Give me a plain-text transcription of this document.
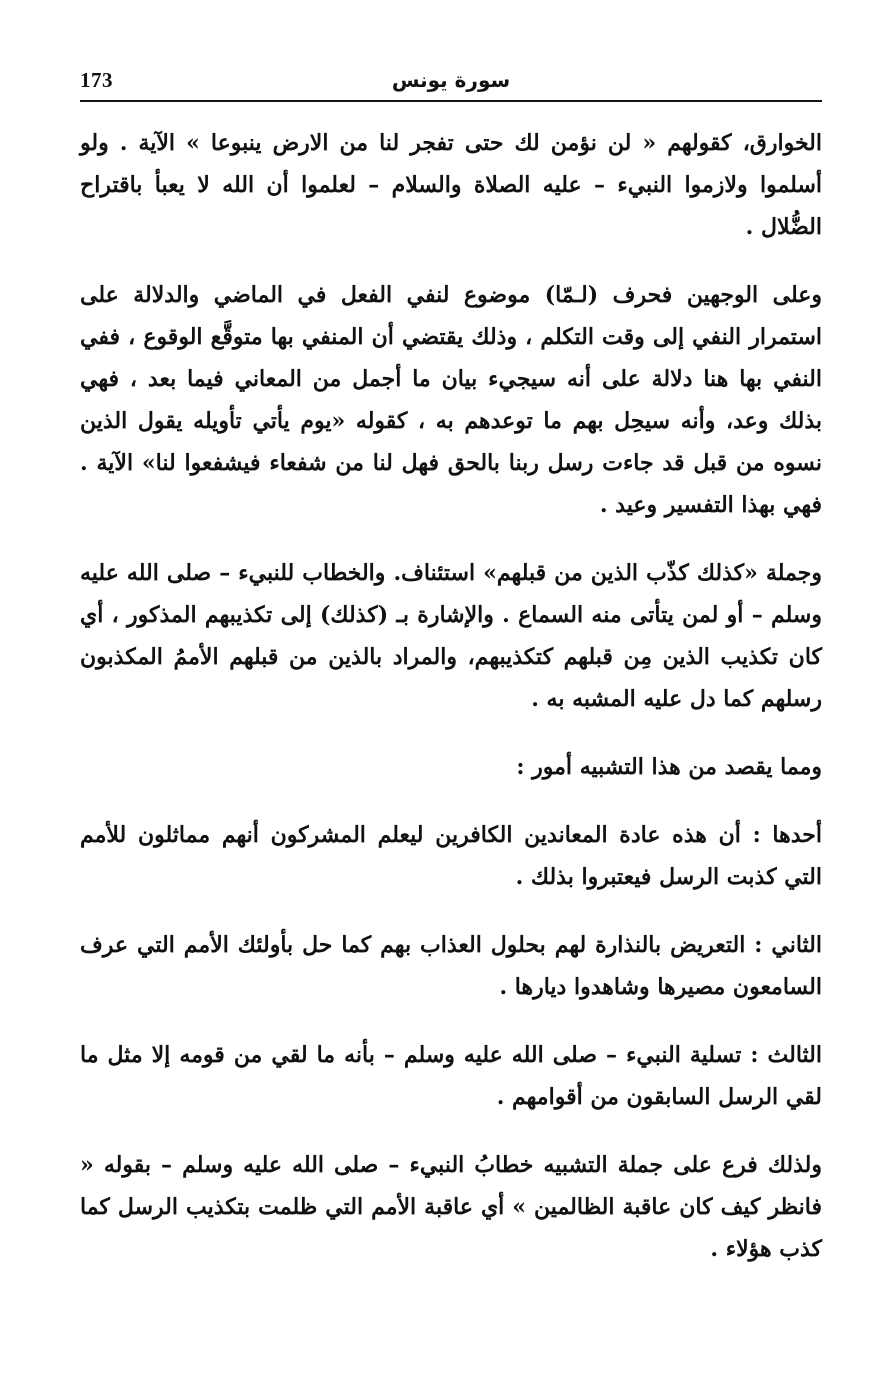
173	سورة يونس

الخوارق، كقولهم « لن نؤمن لك حتى تفجر لنا من الارض ينبوعا » الآية . ولو أسلموا ولازموا النبيء – عليه الصلاة والسلام – لعلموا أن الله لا يعبأ باقتراح الضُّلال .

وعلى الوجهين فحرف (لـمّا) موضوع لنفي الفعل في الماضي والدلالة على استمرار النفي إلى وقت التكلم ، وذلك يقتضي أن المنفي بها متوقَّع الوقوع ، ففي النفي بها هنا دلالة على أنه سيجيء بيان ما أجمل من المعاني فيما بعد ، فهي بذلك وعد، وأنه سيحِل بهم ما توعدهم به ، كقوله «يوم يأتي تأويله يقول الذين نسوه من قبل قد جاءت رسل ربنا بالحق فهل لنا من شفعاء فيشفعوا لنا» الآية . فهي بهذا التفسير وعيد .

وجملة «كذلك كذّب الذين من قبلهم» استئناف. والخطاب للنبيء – صلى الله عليه وسلم – أو لمن يتأتى منه السماع . والإشارة بـ (كذلك) إلى تكذيبهم المذكور ، أي كان تكذيب الذين مِن قبلهم كتكذيبهم، والمراد بالذين من قبلهم الأممُ المكذبون رسلهم كما دل عليه المشبه به .

ومما يقصد من هذا التشبيه أمور :

أحدها : أن هذه عادة المعاندين الكافرين ليعلم المشركون أنهم مماثلون للأمم التي كذبت الرسل فيعتبروا بذلك .

الثاني : التعريض بالنذارة لهم بحلول العذاب بهم كما حل بأولئك الأمم التي عرف السامعون مصيرها وشاهدوا ديارها .

الثالث : تسلية النبيء – صلى الله عليه وسلم – بأنه ما لقي من قومه إلا مثل ما لقي الرسل السابقون من أقوامهم .

ولذلك فرع على جملة التشبيه خطابُ النبيء – صلى الله عليه وسلم – بقوله « فانظر كيف كان عاقبة الظالمين » أي عاقبة الأمم التي ظلمت بتكذيب الرسل كما كذب هؤلاء .
